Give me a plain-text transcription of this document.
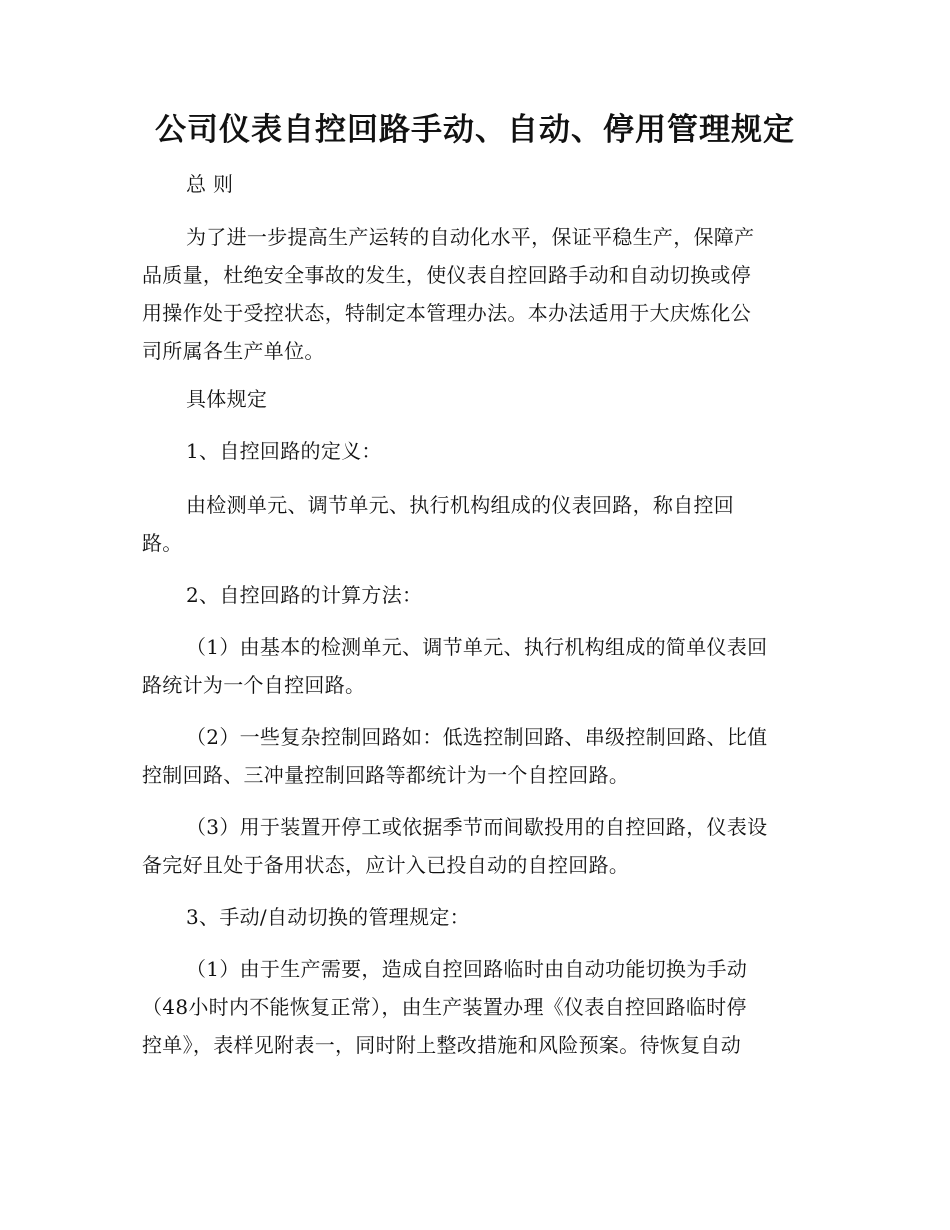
公司仪表自控回路手动、自动、停用管理规定
总 则
为了进一步提高生产运转的自动化水平，保证平稳生产，保障产
品质量，杜绝安全事故的发生，使仪表自控回路手动和自动切换或停
用操作处于受控状态，特制定本管理办法。本办法适用于大庆炼化公
司所属各生产单位。
具体规定
1、自控回路的定义：
由检测单元、调节单元、执行机构组成的仪表回路，称自控回
路。
2、自控回路的计算方法：
（1）由基本的检测单元、调节单元、执行机构组成的简单仪表回
路统计为一个自控回路。
（2）一些复杂控制回路如：低选控制回路、串级控制回路、比值
控制回路、三冲量控制回路等都统计为一个自控回路。
（3）用于装置开停工或依据季节而间歇投用的自控回路，仪表设
备完好且处于备用状态，应计入已投自动的自控回路。
3、手动/自动切换的管理规定：
（1）由于生产需要，造成自控回路临时由自动功能切换为手动
（48小时内不能恢复正常），由生产装置办理《仪表自控回路临时停
控单》，表样见附表一，同时附上整改措施和风险预案。待恢复自动
